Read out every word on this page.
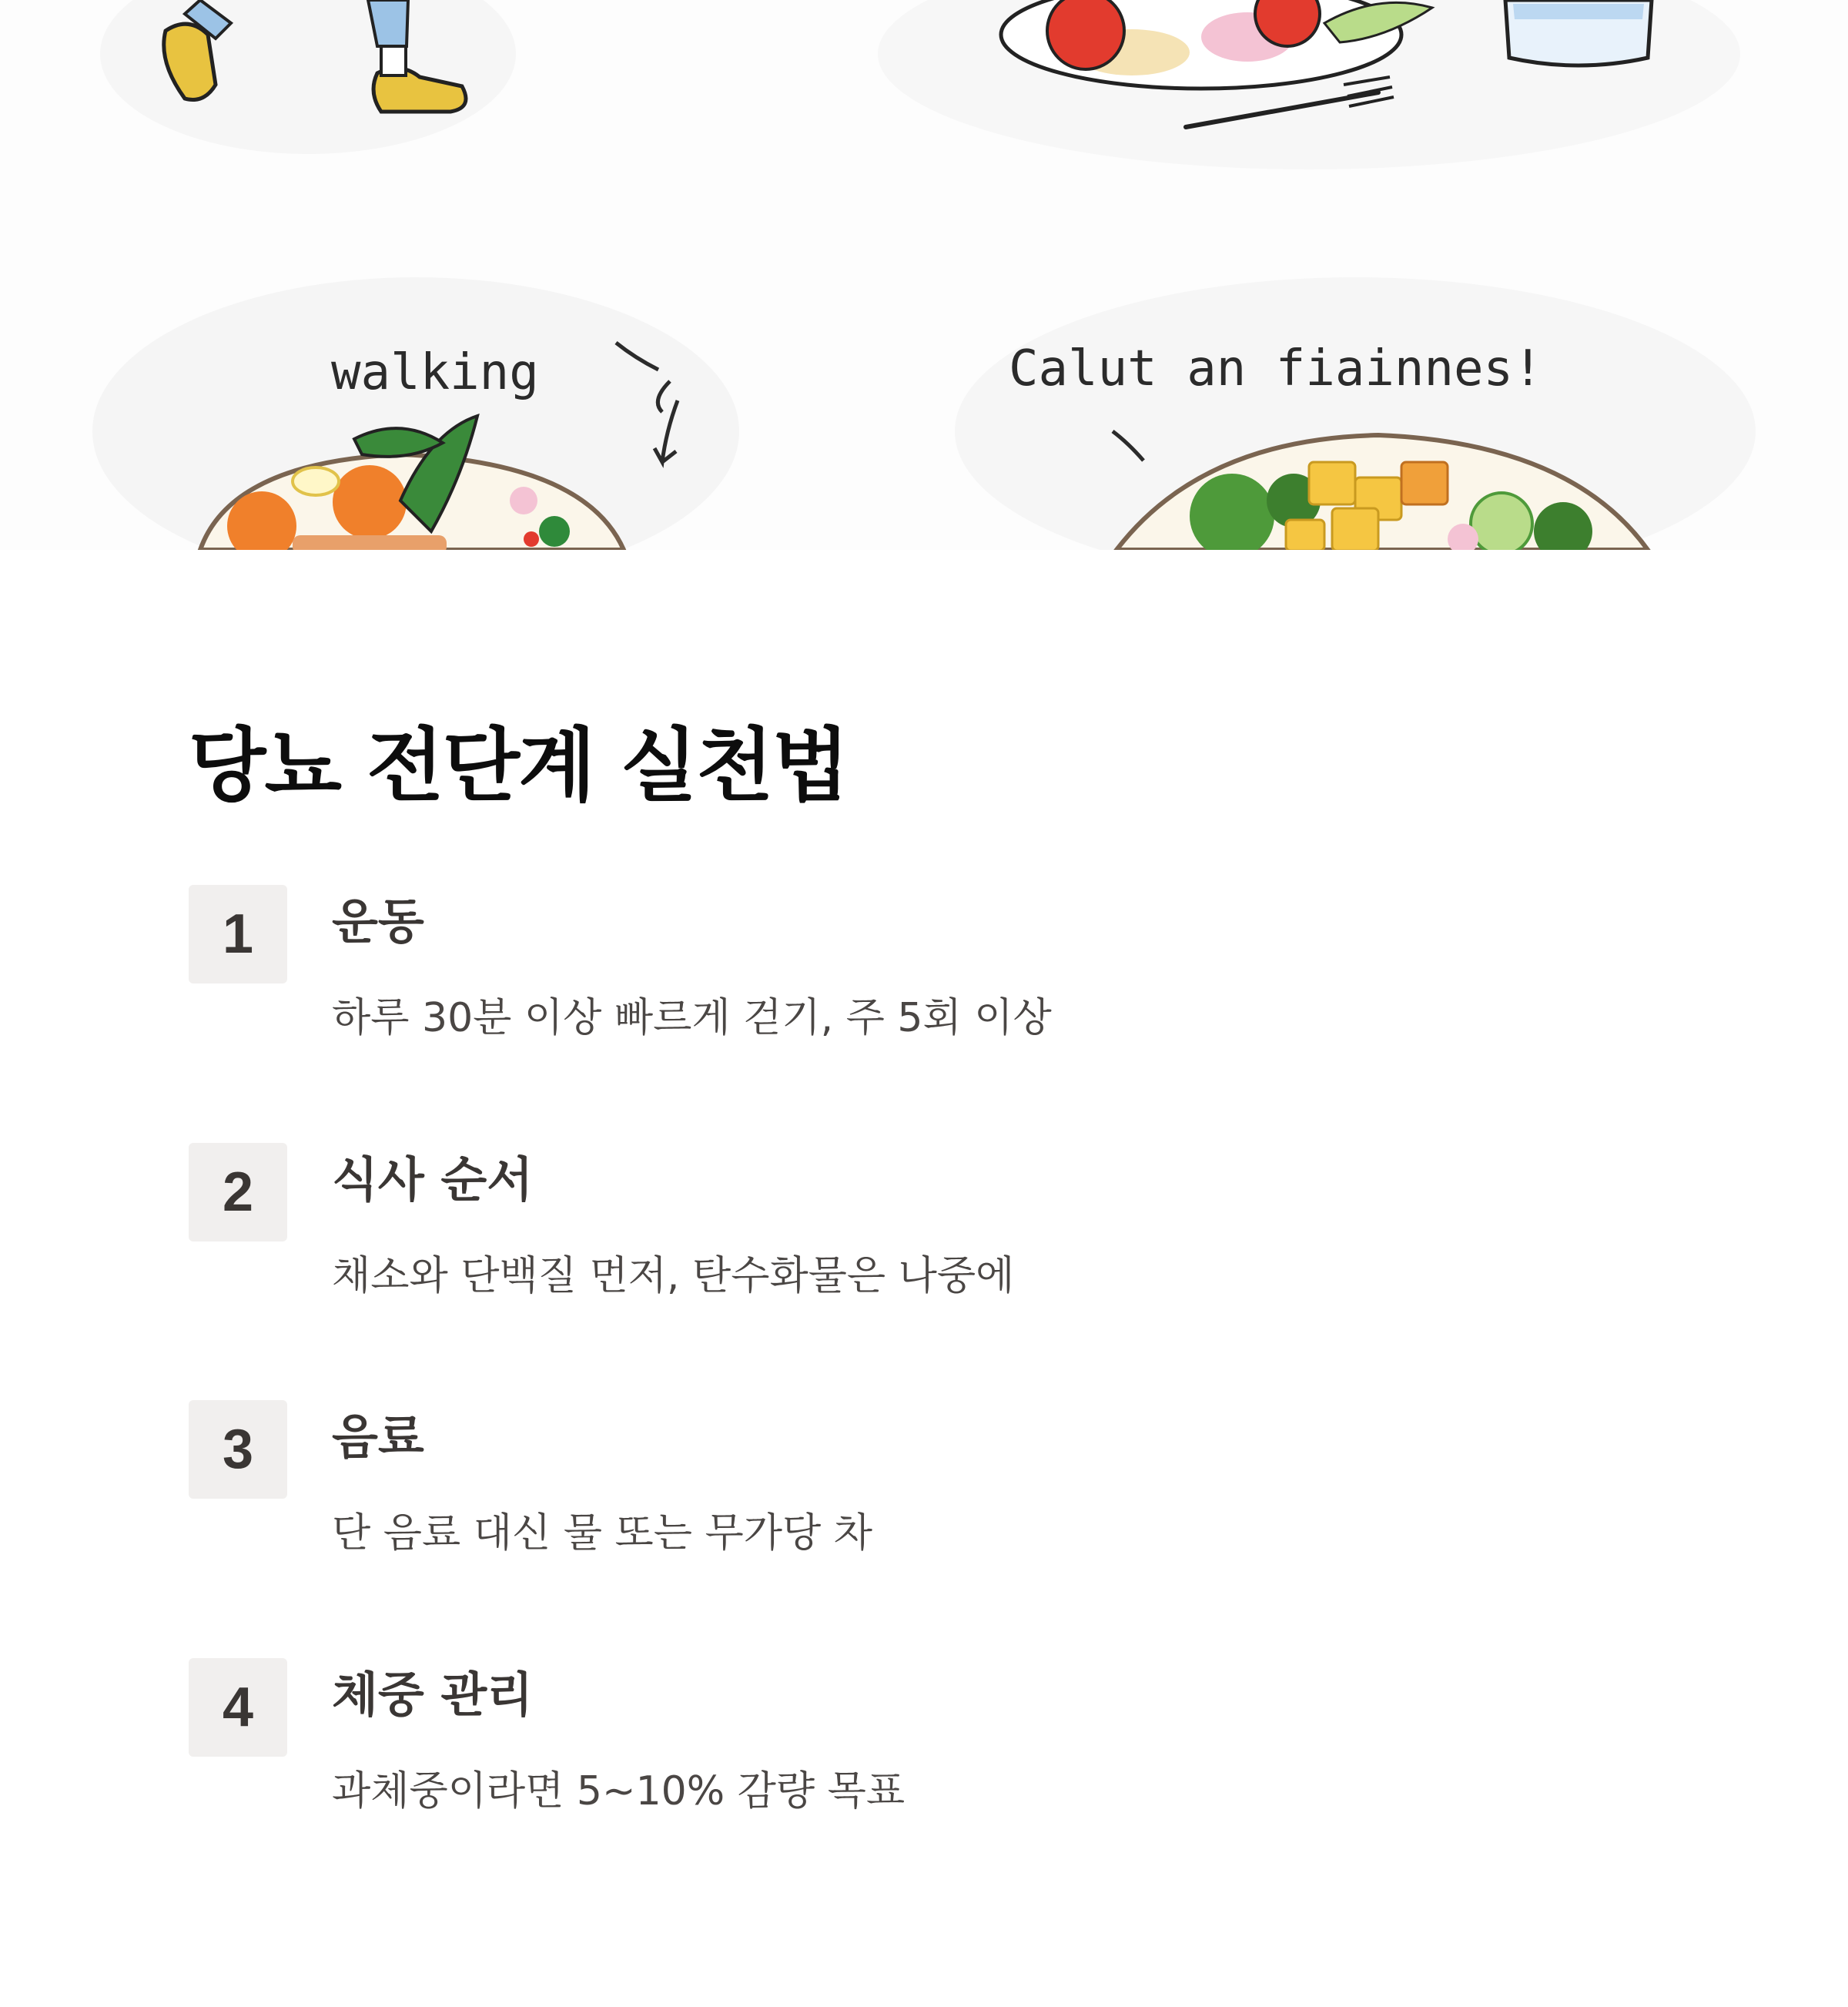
walking	Calut an fiainnes!
당뇨 전단계 실천법
1	운동

하루 30분 이상 빠르게 걷기, 주 5회 이상

2	식사 순서

채소와 단백질 먼저, 탄수화물은 나중에

3	음료

단 음료 대신 물 또는 무가당 차

4	체중 관리

과체중이라면 5~10% 감량 목표
